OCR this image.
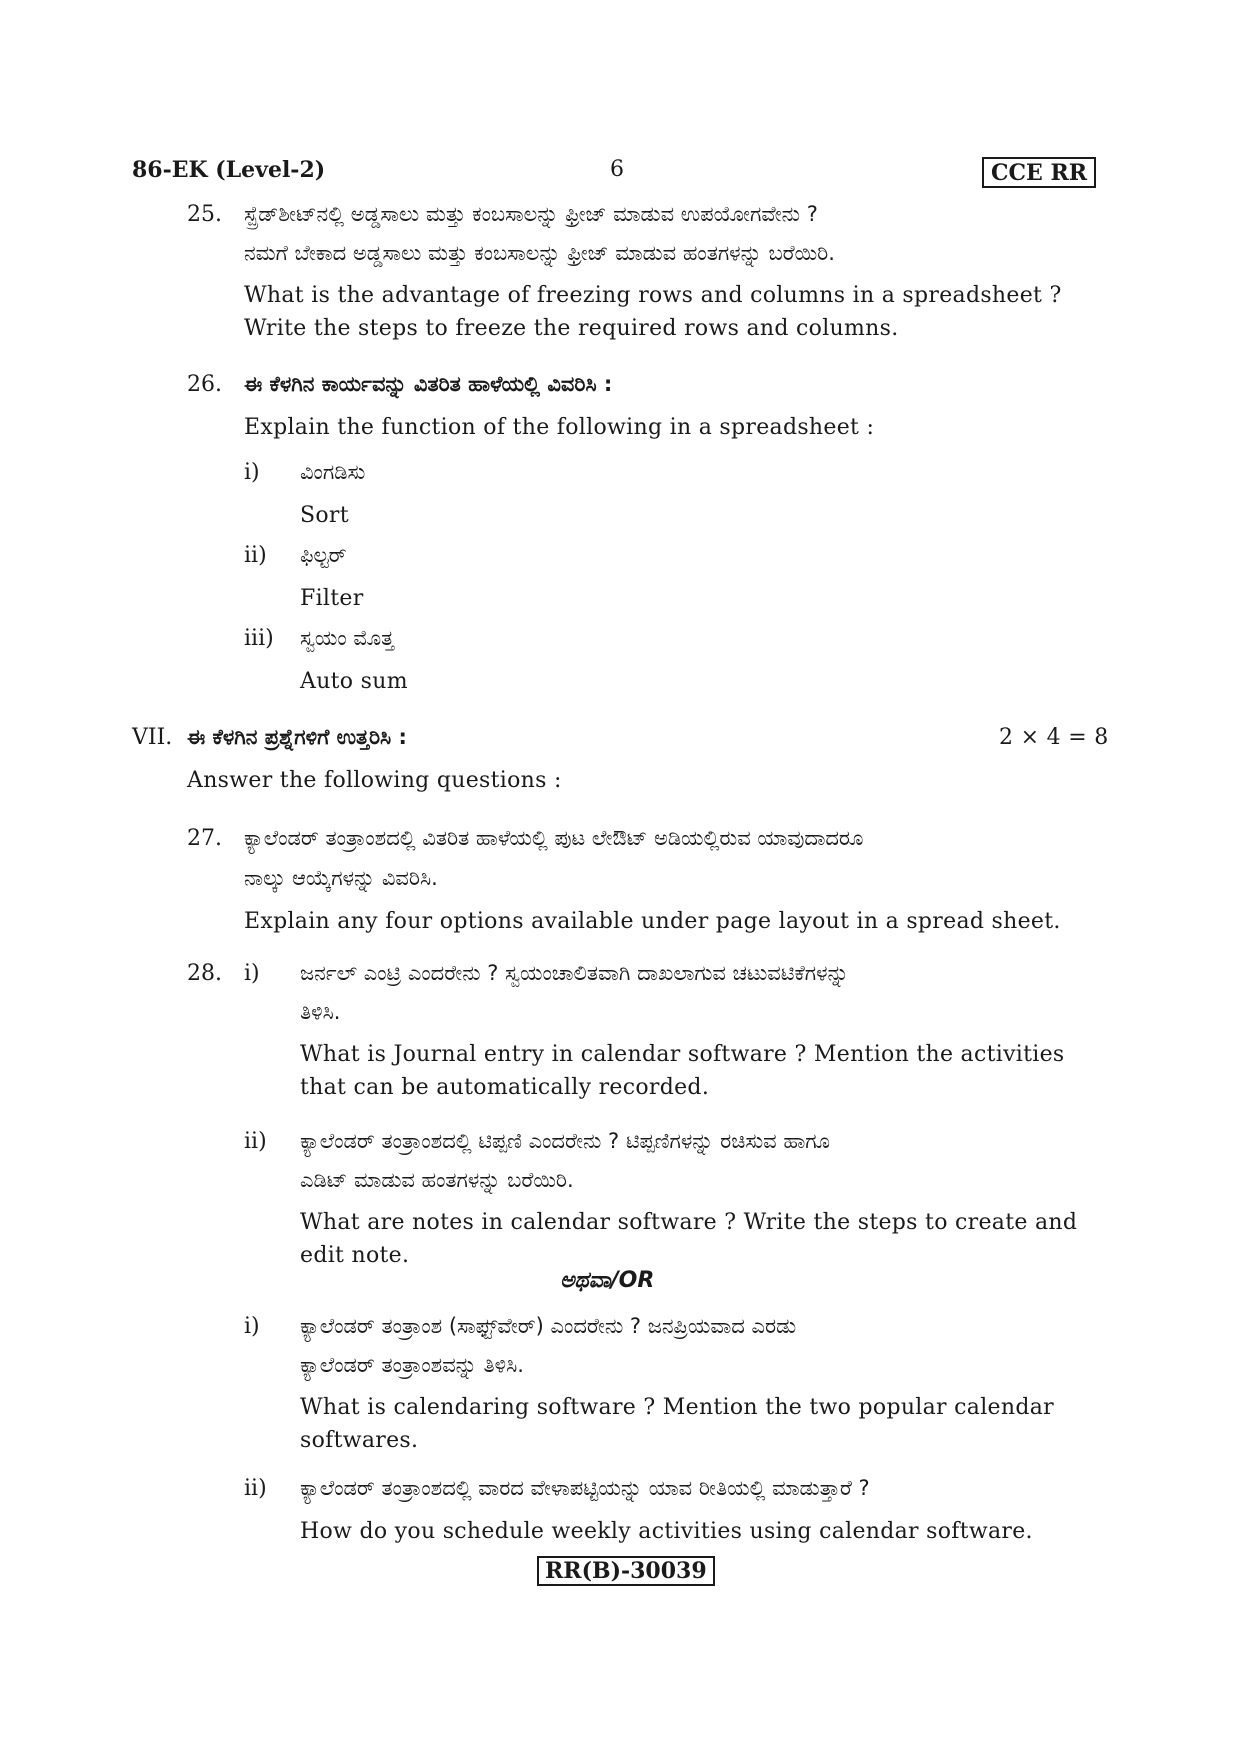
86-EK (Level-2)	6	CCE RR
25. ಸ್ಪ್ರೆಡ್‌ಶೀಟ್‌ನಲ್ಲಿ ಅಡ್ಡಸಾಲು ಮತ್ತು ಕಂಬಸಾಲನ್ನು ಫ್ರೀಜ್ ಮಾಡುವ ಉಪಯೋಗವೇನು ?
ನಮಗೆ ಬೇಕಾದ ಅಡ್ಡಸಾಲು ಮತ್ತು ಕಂಬಸಾಲನ್ನು ಫ್ರೀಜ್ ಮಾಡುವ ಹಂತಗಳನ್ನು ಬರೆಯಿರಿ.
What is the advantage of freezing rows and columns in a spreadsheet ?
Write the steps to freeze the required rows and columns.
26. ಈ ಕೆಳಗಿನ ಕಾರ್ಯವನ್ನು ವಿತರಿತ ಹಾಳೆಯಲ್ಲಿ ವಿವರಿಸಿ :
Explain the function of the following in a spreadsheet :
i) ವಿಂಗಡಿಸು
Sort
ii) ಫಿಲ್ಟರ್
Filter
iii) ಸ್ವಯಂ ಮೊತ್ತ
Auto sum
VII. ಈ ಕೆಳಗಿನ ಪ್ರಶ್ನೆಗಳಿಗೆ ಉತ್ತರಿಸಿ :	2 × 4 = 8
Answer the following questions :
27. ಕ್ಯಾಲೆಂಡರ್ ತಂತ್ರಾಂಶದಲ್ಲಿ ವಿತರಿತ ಹಾಳೆಯಲ್ಲಿ ಪುಟ ಲೇಔಟ್ ಅಡಿಯಲ್ಲಿರುವ ಯಾವುದಾದರೂ
ನಾಲ್ಕು ಆಯ್ಕೆಗಳನ್ನು ವಿವರಿಸಿ.
Explain any four options available under page layout in a spread sheet.
28. i) ಜರ್ನಲ್ ಎಂಟ್ರಿ ಎಂದರೇನು ? ಸ್ವಯಂಚಾಲಿತವಾಗಿ ದಾಖಲಾಗುವ ಚಟುವಟಿಕೆಗಳನ್ನು
ತಿಳಿಸಿ.
What is Journal entry in calendar software ? Mention the activities
that can be automatically recorded.
ii) ಕ್ಯಾಲೆಂಡರ್ ತಂತ್ರಾಂಶದಲ್ಲಿ ಟಿಪ್ಪಣಿ ಎಂದರೇನು ? ಟಿಪ್ಪಣಿಗಳನ್ನು ರಚಿಸುವ ಹಾಗೂ
ಎಡಿಟ್ ಮಾಡುವ ಹಂತಗಳನ್ನು ಬರೆಯಿರಿ.
What are notes in calendar software ? Write the steps to create and
edit note.
ಅಥವಾ/OR
i) ಕ್ಯಾಲೆಂಡರ್ ತಂತ್ರಾಂಶ (ಸಾಫ್ಟ್‌ವೇರ್) ಎಂದರೇನು ? ಜನಪ್ರಿಯವಾದ ಎರಡು
ಕ್ಯಾಲೆಂಡರ್ ತಂತ್ರಾಂಶವನ್ನು ತಿಳಿಸಿ.
What is calendaring software ? Mention the two popular calendar
softwares.
ii) ಕ್ಯಾಲೆಂಡರ್ ತಂತ್ರಾಂಶದಲ್ಲಿ ವಾರದ ವೇಳಾಪಟ್ಟಿಯನ್ನು ಯಾವ ರೀತಿಯಲ್ಲಿ ಮಾಡುತ್ತಾರೆ ?
How do you schedule weekly activities using calendar software.
RR(B)-30039
